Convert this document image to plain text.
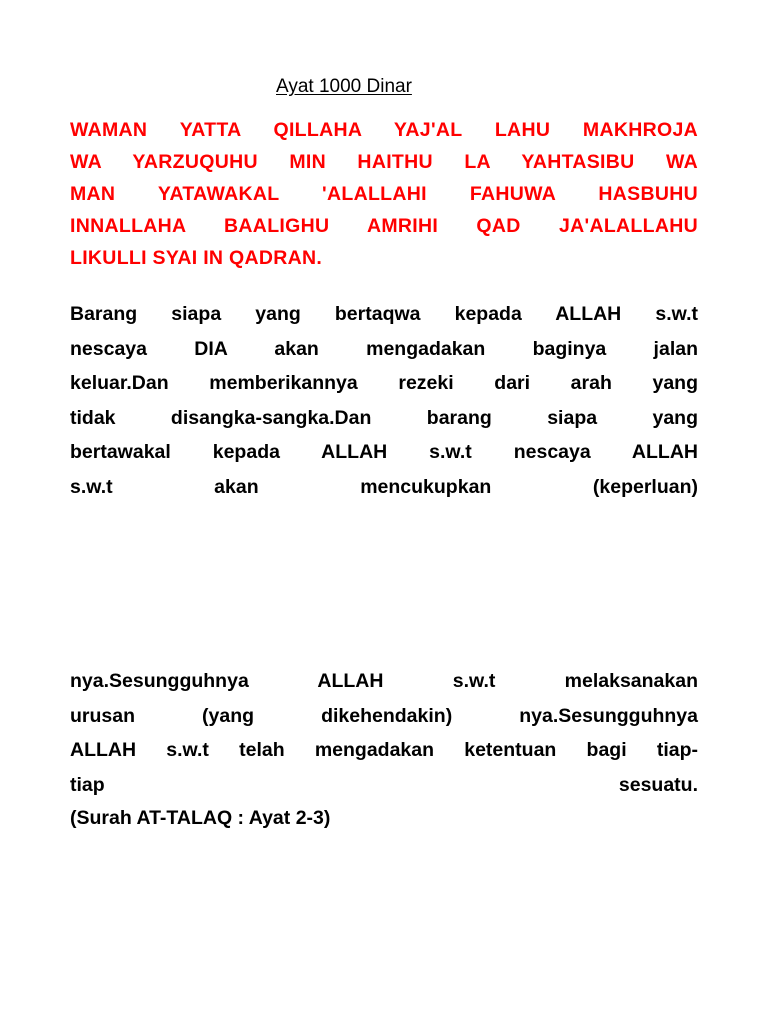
Ayat 1000 Dinar
WAMAN YATTA QILLAHA YAJ'AL LAHU MAKHROJA
WA YARZUQUHU MIN HAITHU LA YAHTASIBU WA
MAN YATAWAKAL 'ALALLAHI FAHUWA HASBUHU
INNALLAHA BAALIGHU AMRIHI QAD JA'ALALLAHU
LIKULLI SYAI IN QADRAN.
Barang siapa yang bertaqwa kepada ALLAH s.w.t
nescaya DIA akan mengadakan baginya jalan
keluar.Dan memberikannya rezeki dari arah yang
tidak disangka-sangka.Dan barang siapa yang
bertawakal kepada ALLAH s.w.t nescaya ALLAH
s.w.t akan mencukupkan (keperluan)
nya.Sesungguhnya ALLAH s.w.t melaksanakan
urusan (yang dikehendakin) nya.Sesungguhnya
ALLAH s.w.t telah mengadakan ketentuan bagi tiap-
tiap sesuatu.
(Surah AT-TALAQ : Ayat 2-3)
